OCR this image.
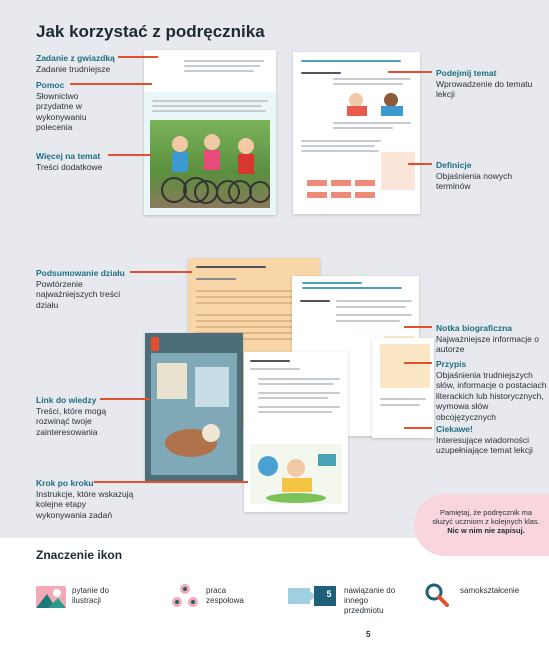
Jak korzystać z podręcznika
Zadanie z gwiazdką
Zadanie trudniejsze
Pomoc
Słownictwo przydatne w wykonywaniu polecenia
Więcej na temat
Treści dodatkowe
Podsumowanie działu
Powtórzenie najważniejszych treści działu
Link do wiedzy
Treści, które mogą rozwinąć twoje zainteresowania
Krok po kroku
Instrukcje, które wskazują kolejne etapy wykonywania zadań
Podejmij temat
Wprowadzenie do tematu lekcji
Definicje
Objaśnienia nowych terminów
Notka biograficzna
Najważniejsze informacje o autorze
Przypis
Objaśnienia trudniejszych słów, informacje o postaciach literackich lub historycznych, wymowa słów obcojęzycznych
Ciekawe!
Interesujące wiadomości uzupełniające temat lekcji
Pamiętaj, że podręcznik ma służyć uczniom z kolejnych klas. Nic w nim nie zapisuj.
Znaczenie ikon
pytanie do ilustracji
praca zespołowa
5	nawiązanie do innego przedmiotu
samokształcenie
5
